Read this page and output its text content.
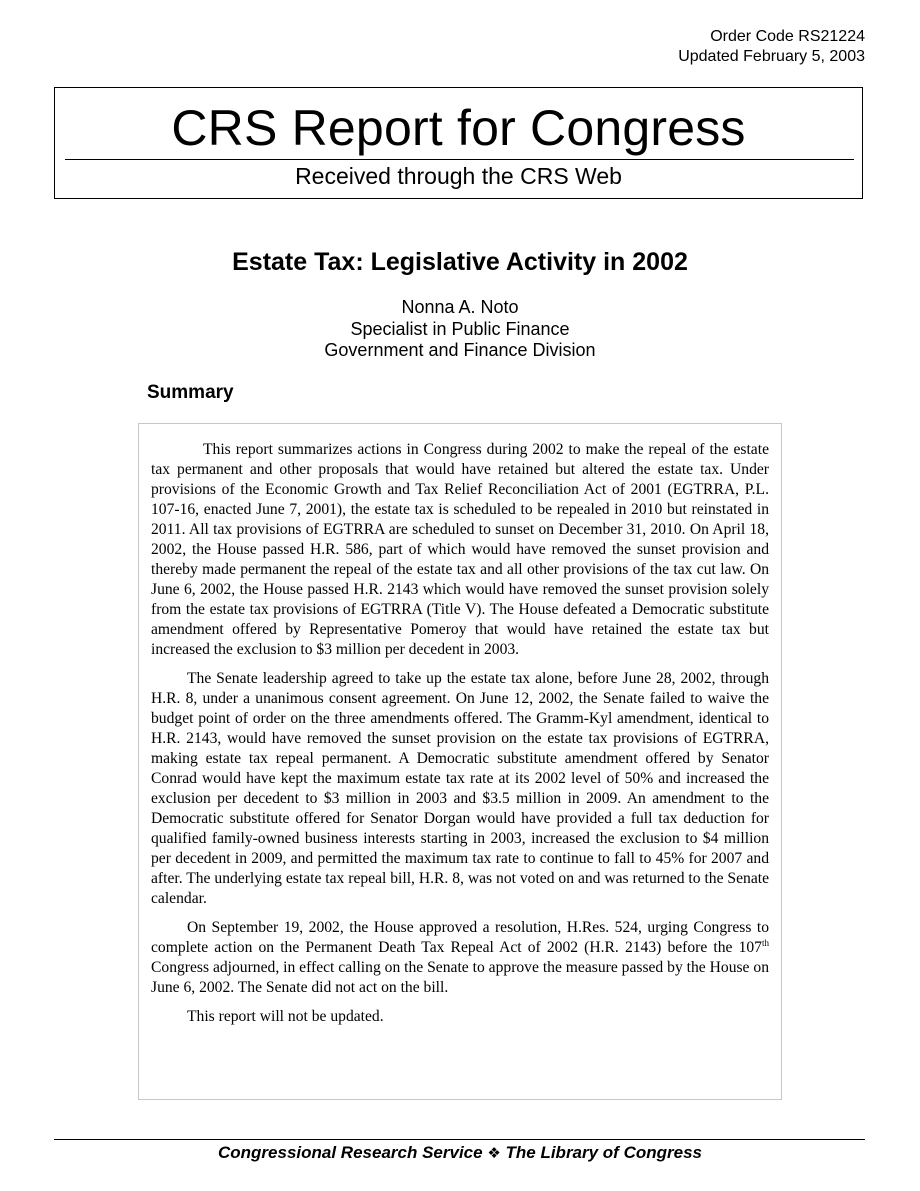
Order Code RS21224
Updated February 5, 2003
CRS Report for Congress
Received through the CRS Web
Estate Tax: Legislative Activity in 2002
Nonna A. Noto
Specialist in Public Finance
Government and Finance Division
Summary

This report summarizes actions in Congress during 2002 to make the repeal of the estate tax permanent and other proposals that would have retained but altered the estate tax. Under provisions of the Economic Growth and Tax Relief Reconciliation Act of 2001 (EGTRRA, P.L. 107-16, enacted June 7, 2001), the estate tax is scheduled to be repealed in 2010 but reinstated in 2011. All tax provisions of EGTRRA are scheduled to sunset on December 31, 2010. On April 18, 2002, the House passed H.R. 586, part of which would have removed the sunset provision and thereby made permanent the repeal of the estate tax and all other provisions of the tax cut law. On June 6, 2002, the House passed H.R. 2143 which would have removed the sunset provision solely from the estate tax provisions of EGTRRA (Title V). The House defeated a Democratic substitute amendment offered by Representative Pomeroy that would have retained the estate tax but increased the exclusion to $3 million per decedent in 2003.

The Senate leadership agreed to take up the estate tax alone, before June 28, 2002, through H.R. 8, under a unanimous consent agreement. On June 12, 2002, the Senate failed to waive the budget point of order on the three amendments offered. The Gramm-Kyl amendment, identical to H.R. 2143, would have removed the sunset provision on the estate tax provisions of EGTRRA, making estate tax repeal permanent. A Democratic substitute amendment offered by Senator Conrad would have kept the maximum estate tax rate at its 2002 level of 50% and increased the exclusion per decedent to $3 million in 2003 and $3.5 million in 2009. An amendment to the Democratic substitute offered for Senator Dorgan would have provided a full tax deduction for qualified family-owned business interests starting in 2003, increased the exclusion to $4 million per decedent in 2009, and permitted the maximum tax rate to continue to fall to 45% for 2007 and after. The underlying estate tax repeal bill, H.R. 8, was not voted on and was returned to the Senate calendar.

On September 19, 2002, the House approved a resolution, H.Res. 524, urging Congress to complete action on the Permanent Death Tax Repeal Act of 2002 (H.R. 2143) before the 107th Congress adjourned, in effect calling on the Senate to approve the measure passed by the House on June 6, 2002. The Senate did not act on the bill.

This report will not be updated.

Congressional Research Service ❖ The Library of Congress
